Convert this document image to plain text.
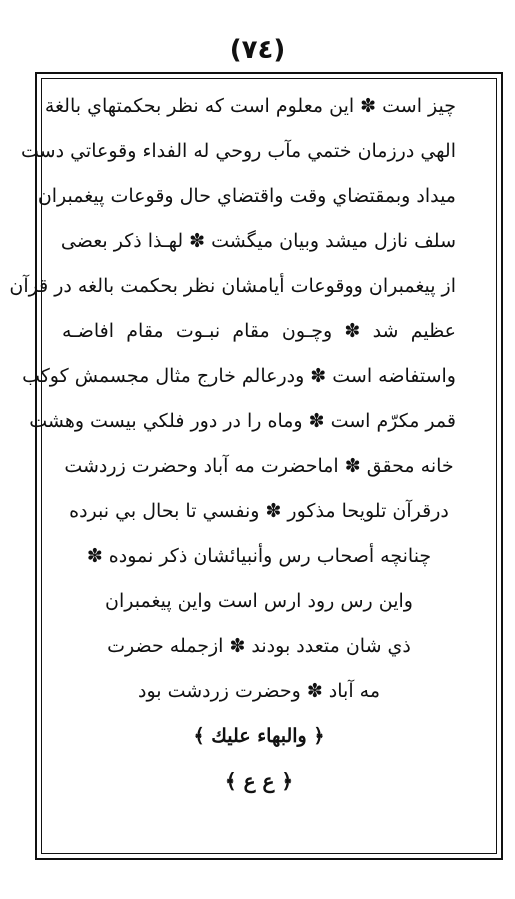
(٧٤)
چيز است ✽ اين معلوم است كه نظر بحكمتهاي بالغة
الهي درزمان ختمي مآب روحي له الفداء وقوعاتي دست
ميداد وبمقتضاي وقت واقتضاي حال وقوعات پيغمبران
سلف نازل ميشد وبيان ميگشت ✽ لهـذا ذكر بعضى
از پيغمبران ووقوعات أيامشان نظر بحكمت بالغه در قرآن
عظيم شد ✽ وچـون مقام نبـوت مقام افاضـه
واستفاضه است ✽ ودرعالم خارج مثال مجسمش كوكب
قمر مكرّم است ✽ وماه را در دور فلكي بيست وهشت
خانه محقق ✽ اماحضرت مه آباد وحضرت زردشت
درقرآن تلويحا مذكور ✽ ونفسي تا بحال بي نبرده
چنانچه أصحاب رس وأنبيائشان ذكر نموده ✽
واين رس رود ارس است واين پيغمبران
ذي شان متعدد بودند ✽ ازجمله حضرت
مه آباد ✽ وحضرت زردشت بود
﴿ والبهاء عليك ﴾
﴿ ع ع ﴾
